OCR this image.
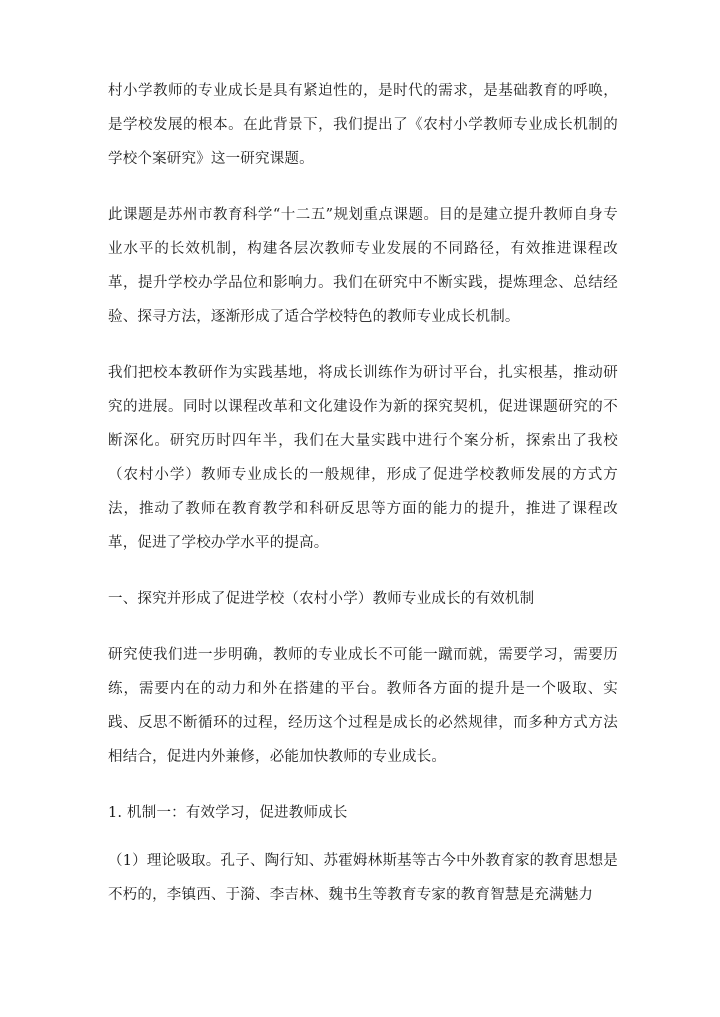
村小学教师的专业成长是具有紧迫性的，是时代的需求，是基础教育的呼唤，是学校发展的根本。在此背景下，我们提出了《农村小学教师专业成长机制的学校个案研究》这一研究课题。

此课题是苏州市教育科学“十二五”规划重点课题。目的是建立提升教师自身专业水平的长效机制，构建各层次教师专业发展的不同路径，有效推进课程改革，提升学校办学品位和影响力。我们在研究中不断实践，提炼理念、总结经验、探寻方法，逐渐形成了适合学校特色的教师专业成长机制。

我们把校本教研作为实践基地，将成长训练作为研讨平台，扎实根基，推动研究的进展。同时以课程改革和文化建设作为新的探究契机，促进课题研究的不断深化。研究历时四年半，我们在大量实践中进行个案分析，探索出了我校（农村小学）教师专业成长的一般规律，形成了促进学校教师发展的方式方法，推动了教师在教育教学和科研反思等方面的能力的提升，推进了课程改革，促进了学校办学水平的提高。

一、探究并形成了促进学校（农村小学）教师专业成长的有效机制

研究使我们进一步明确，教师的专业成长不可能一蹴而就，需要学习，需要历练，需要内在的动力和外在搭建的平台。教师各方面的提升是一个吸取、实践、反思不断循环的过程，经历这个过程是成长的必然规律，而多种方式方法相结合，促进内外兼修，必能加快教师的专业成长。

1. 机制一：有效学习，促进教师成长

（1）理论吸取。孔子、陶行知、苏霍姆林斯基等古今中外教育家的教育思想是不朽的，李镇西、于漪、李吉林、魏书生等教育专家的教育智慧是充满魅力
